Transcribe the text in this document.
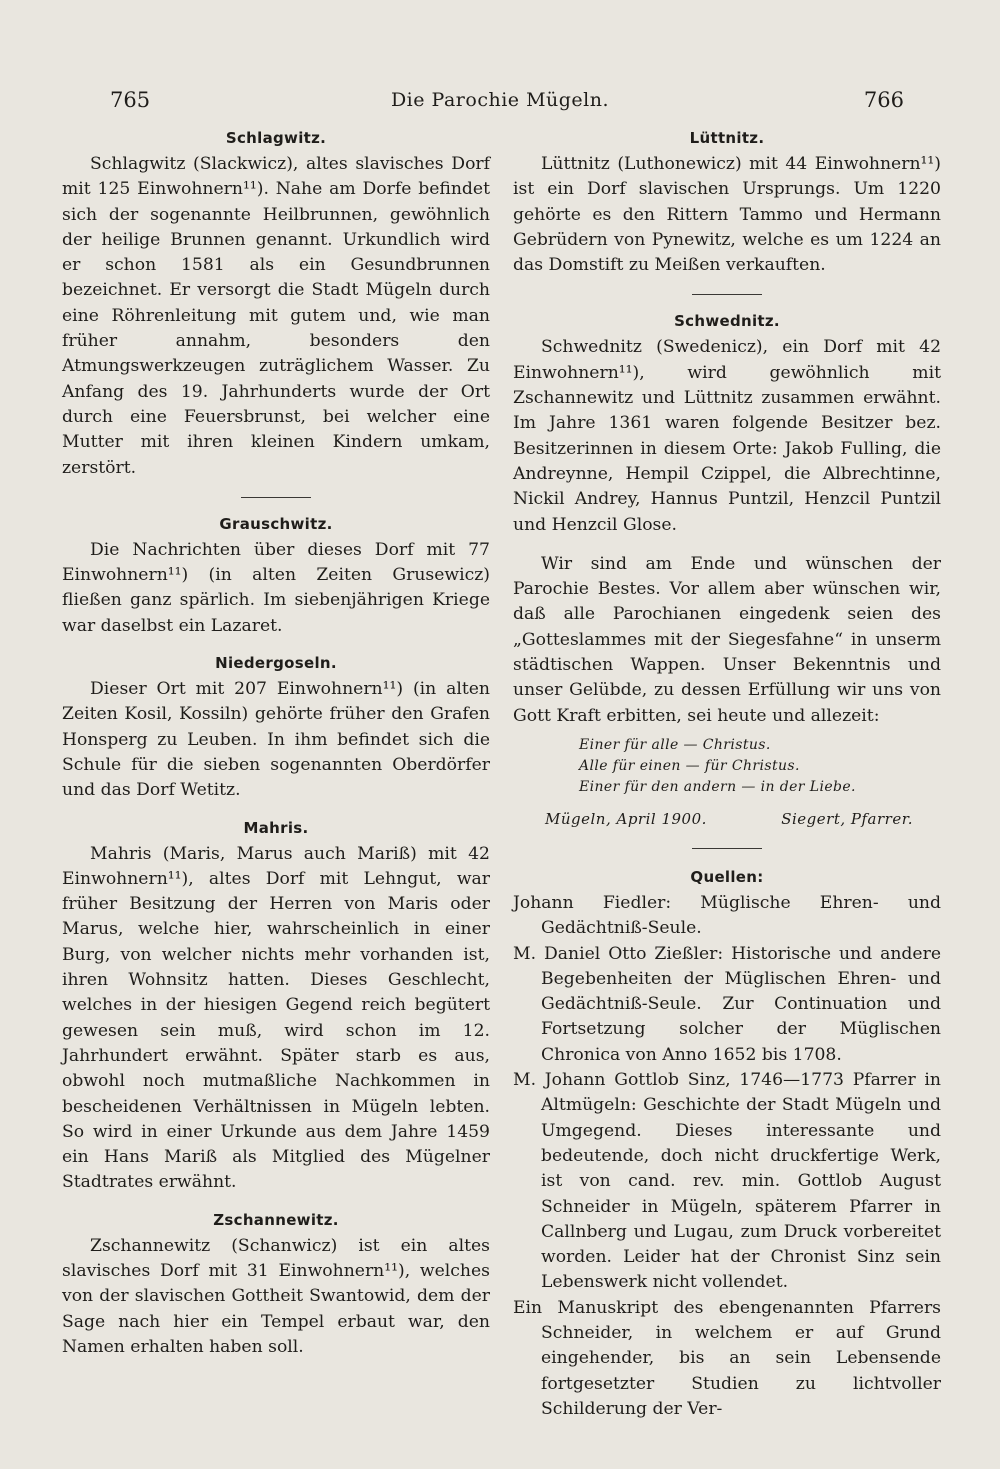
765	Die Parochie Mügeln.	766
Schlagwitz.

Schlagwitz (Slackwicz), altes slavisches Dorf mit 125 Einwohnern¹¹). Nahe am Dorfe befindet sich der sogenannte Heilbrunnen, gewöhnlich der heilige Brunnen genannt. Urkundlich wird er schon 1581 als ein Gesundbrunnen bezeichnet. Er versorgt die Stadt Mügeln durch eine Röhrenleitung mit gutem und, wie man früher annahm, besonders den Atmungswerkzeugen zuträglichem Wasser. Zu Anfang des 19. Jahrhunderts wurde der Ort durch eine Feuersbrunst, bei welcher eine Mutter mit ihren kleinen Kindern umkam, zerstört.

Grauschwitz.

Die Nachrichten über dieses Dorf mit 77 Einwohnern¹¹) (in alten Zeiten Grusewicz) fließen ganz spärlich. Im siebenjährigen Kriege war daselbst ein Lazaret.

Niedergoseln.

Dieser Ort mit 207 Einwohnern¹¹) (in alten Zeiten Kosil, Kossiln) gehörte früher den Grafen Honsperg zu Leuben. In ihm befindet sich die Schule für die sieben sogenannten Oberdörfer und das Dorf Wetitz.

Mahris.

Mahris (Maris, Marus auch Mariß) mit 42 Einwohnern¹¹), altes Dorf mit Lehngut, war früher Besitzung der Herren von Maris oder Marus, welche hier, wahrscheinlich in einer Burg, von welcher nichts mehr vorhanden ist, ihren Wohnsitz hatten. Dieses Geschlecht, welches in der hiesigen Gegend reich begütert gewesen sein muß, wird schon im 12. Jahrhundert erwähnt. Später starb es aus, obwohl noch mutmaßliche Nachkommen in bescheidenen Verhältnissen in Mügeln lebten. So wird in einer Urkunde aus dem Jahre 1459 ein Hans Mariß als Mitglied des Mügelner Stadtrates erwähnt.

Zschannewitz.

Zschannewitz (Schanwicz) ist ein altes slavisches Dorf mit 31 Einwohnern¹¹), welches von der slavischen Gottheit Swantowid, dem der Sage nach hier ein Tempel erbaut war, den Namen erhalten haben soll.

Lüttnitz.

Lüttnitz (Luthonewicz) mit 44 Einwohnern¹¹) ist ein Dorf slavischen Ursprungs. Um 1220 gehörte es den Rittern Tammo und Hermann Gebrüdern von Pynewitz, welche es um 1224 an das Domstift zu Meißen verkauften.

Schwednitz.

Schwednitz (Swedenicz), ein Dorf mit 42 Einwohnern¹¹), wird gewöhnlich mit Zschannewitz und Lüttnitz zusammen erwähnt. Im Jahre 1361 waren folgende Besitzer bez. Besitzerinnen in diesem Orte: Jakob Fulling, die Andreynne, Hempil Czippel, die Albrechtinne, Nickil Andrey, Hannus Puntzil, Henzcil Puntzil und Henzcil Glose.

Wir sind am Ende und wünschen der Parochie Bestes. Vor allem aber wünschen wir, daß alle Parochianen eingedenk seien des „Gotteslammes mit der Siegesfahne“ in unserm städtischen Wappen. Unser Bekenntnis und unser Gelübde, zu dessen Erfüllung wir uns von Gott Kraft erbitten, sei heute und allezeit:

Einer für alle — Christus.
Alle für einen — für Christus.
Einer für den andern — in der Liebe.
Mügeln, April 1900.	Siegert, Pfarrer.
Quellen:

Johann Fiedler: Müglische Ehren- und Gedächtniß-Seule.

M. Daniel Otto Zießler: Historische und andere Begebenheiten der Müglischen Ehren- und Gedächtniß-Seule. Zur Continuation und Fortsetzung solcher der Müglischen Chronica von Anno 1652 bis 1708.

M. Johann Gottlob Sinz, 1746—1773 Pfarrer in Altmügeln: Geschichte der Stadt Mügeln und Umgegend. Dieses interessante und bedeutende, doch nicht druckfertige Werk, ist von cand. rev. min. Gottlob August Schneider in Mügeln, späterem Pfarrer in Callnberg und Lugau, zum Druck vorbereitet worden. Leider hat der Chronist Sinz sein Lebenswerk nicht vollendet.

Ein Manuskript des ebengenannten Pfarrers Schneider, in welchem er auf Grund eingehender, bis an sein Lebensende fortgesetzter Studien zu lichtvoller Schilderung der Ver-
